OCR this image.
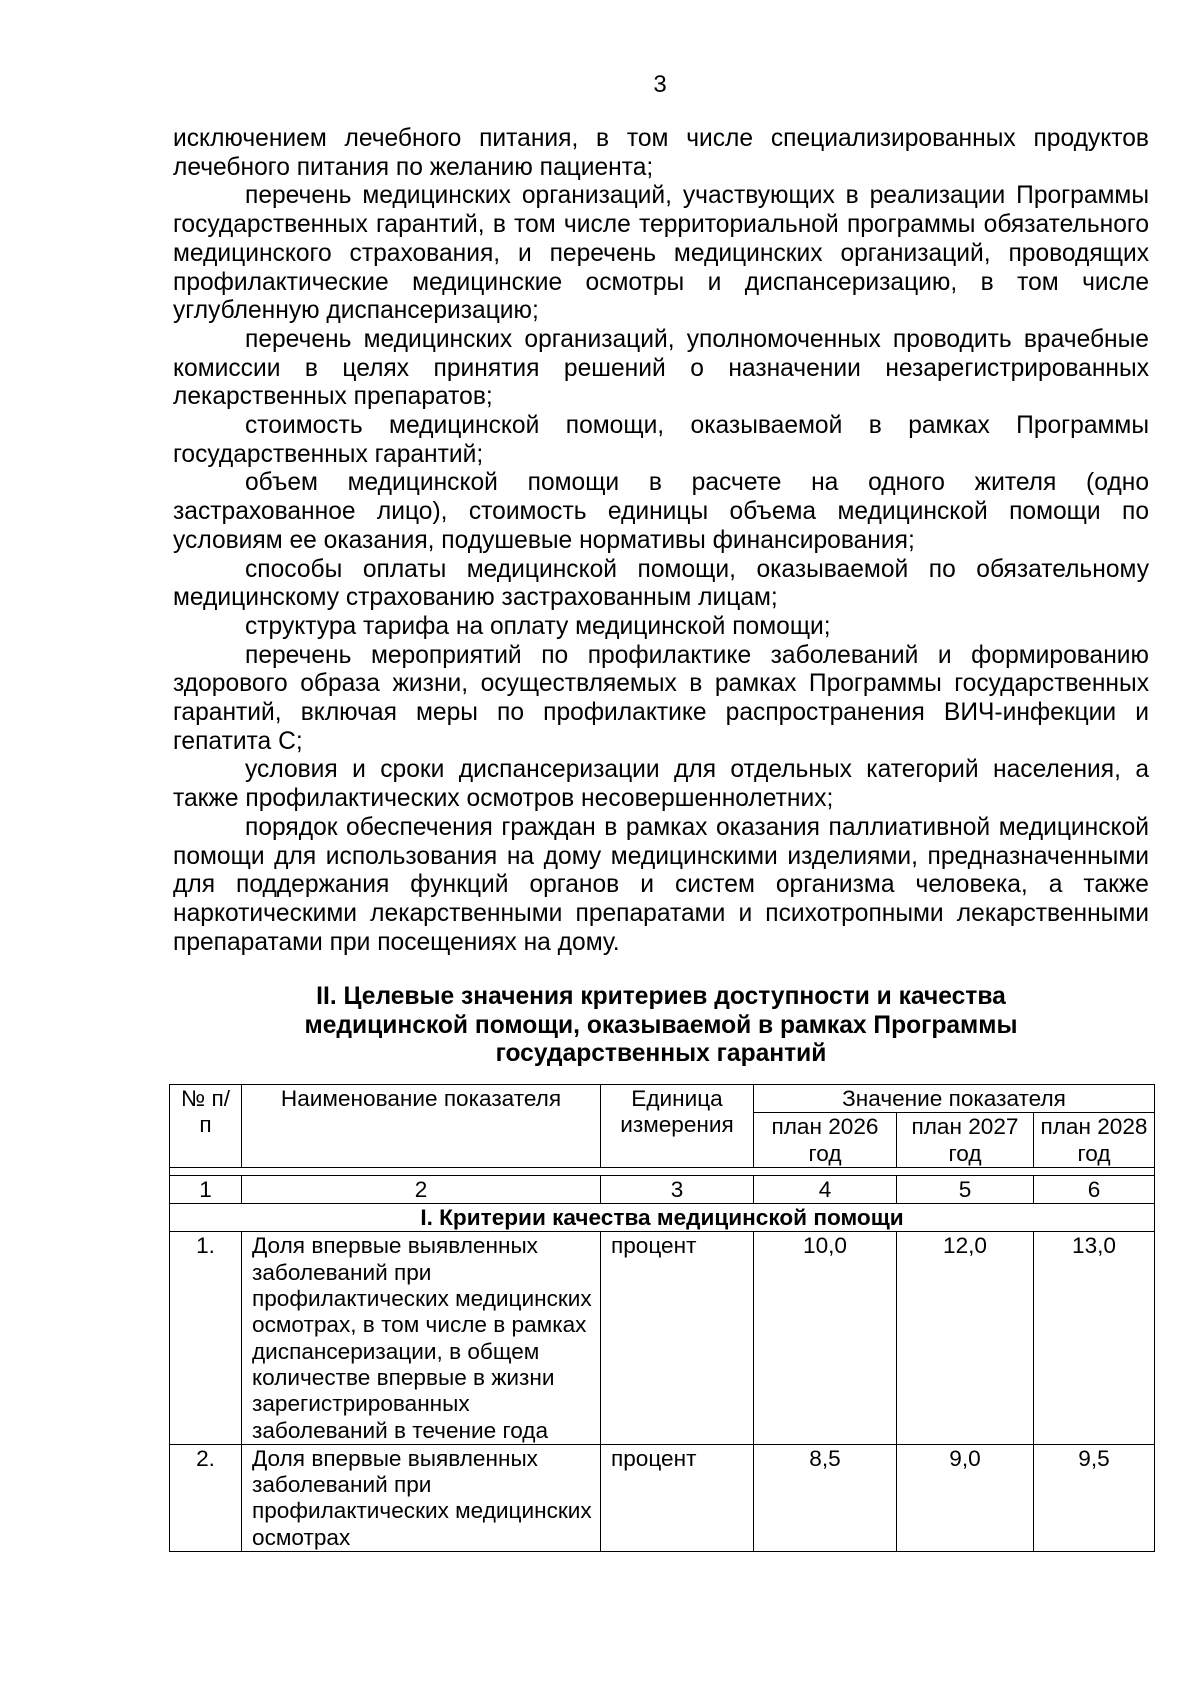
3

исключением лечебного питания, в том числе специализированных продуктов лечебного питания по желанию пациента;

перечень медицинских организаций, участвующих в реализации Программы государственных гарантий, в том числе территориальной программы обязательного медицинского страхования, и перечень медицинских организаций, проводящих профилактические медицинские осмотры и диспансеризацию, в том числе углубленную диспансеризацию;

перечень медицинских организаций, уполномоченных проводить врачебные комиссии в целях принятия решений о назначении незарегистрированных лекарственных препаратов;

стоимость медицинской помощи, оказываемой в рамках Программы государственных гарантий;

объем медицинской помощи в расчете на одного жителя (одно застрахованное лицо), стоимость единицы объема медицинской помощи по условиям ее оказания, подушевые нормативы финансирования;

способы оплаты медицинской помощи, оказываемой по обязательному медицинскому страхованию застрахованным лицам;

структура тарифа на оплату медицинской помощи;

перечень мероприятий по профилактике заболеваний и формированию здорового образа жизни, осуществляемых в рамках Программы государственных гарантий, включая меры по профилактике распространения ВИЧ-инфекции и гепатита С;

условия и сроки диспансеризации для отдельных категорий населения, а также профилактических осмотров несовершеннолетних;

порядок обеспечения граждан в рамках оказания паллиативной медицинской помощи для использования на дому медицинскими изделиями, предназначенными для поддержания функций органов и систем организма человека, а также наркотическими лекарственными препаратами и психотропными лекарственными препаратами при посещениях на дому.

II. Целевые значения критериев доступности и качества
медицинской помощи, оказываемой в рамках Программы
государственных гарантий
№ п/п	Наименование показателя	Единица измерения	Значение показателя		
			план 2026 год	план 2027 год	план 2028 год

1	2	3	4	5	6
I. Критерии качества медицинской помощи					
1.	Доля впервые выявленных заболеваний при профилактических медицинских осмотрах, в том числе в рамках диспансеризации, в общем количестве впервые в жизни зарегистрированных заболеваний в течение года	процент	10,0	12,0	13,0
2.	Доля впервые выявленных заболеваний при профилактических медицинских осмотрах	процент	8,5	9,0	9,5
